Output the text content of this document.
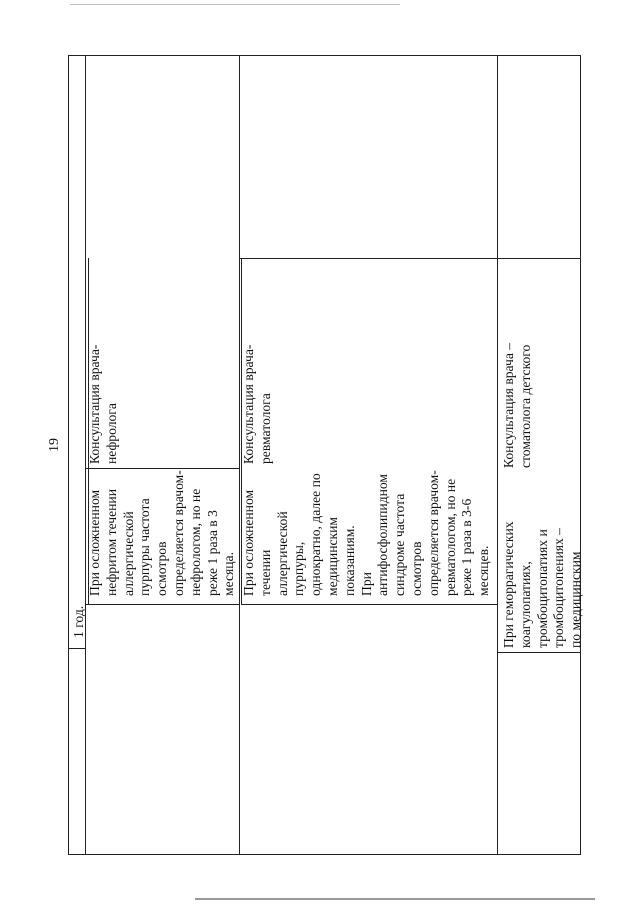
19
1 год.
При осложненном нефритом течении аллергической пурпуры частота осмотров определяется врачом- нефрологом, но не реже 1 раза в 3 месяца.
Консультация врача- нефролога
При осложненном течении аллергической пурпуры, однократно, далее по медицинским показаниям. При антифосфолипидном синдроме частота осмотров определяется врачом- ревматологом, но не реже 1 раза в 3-6 месяцев.
Консультация врача- ревматолога
При геморрагических коагулопатиях, тромбоцитопатиях и тромбоцитопениях – по медицинским
Консультация врача – стоматолога детского
